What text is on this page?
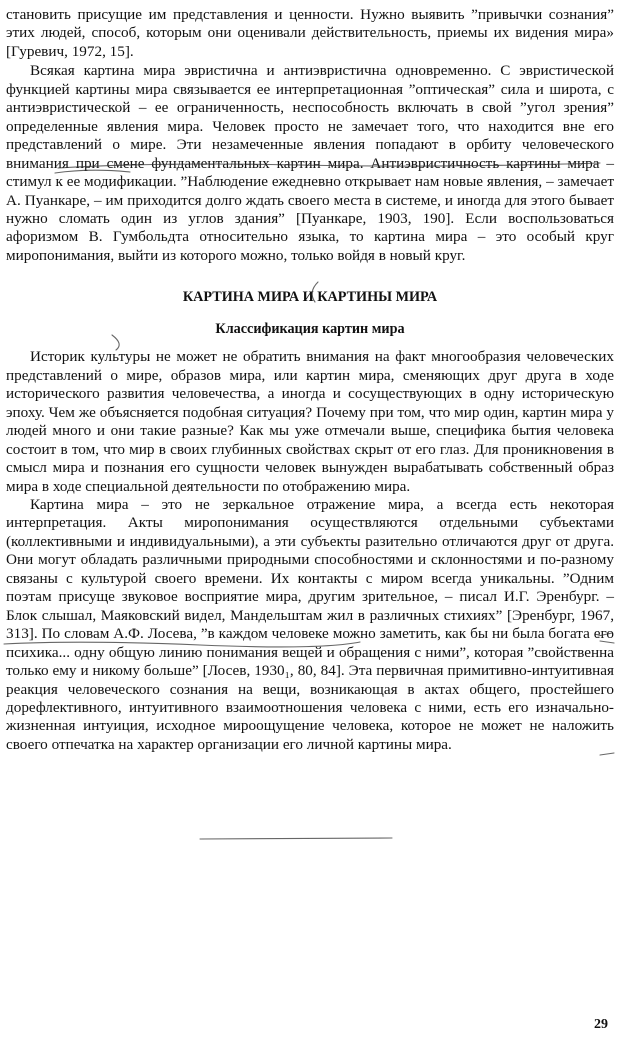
становить присущие им представления и ценности. Нужно выявить ”привычки сознания” этих людей, способ, которым они оценивали действительность, приемы их видения мира» [Гуревич, 1972, 15].

Всякая картина мира эвристична и антиэвристична одновременно. С эвристической функцией картины мира связывается ее интерпретационная ”оптическая” сила и широта, с антиэвристической – ее ограниченность, неспособность включать в свой ”угол зрения” определенные явления мира. Человек просто не замечает того, что находится вне его представлений о мире. Эти незамеченные явления попадают в орбиту человеческого внимания при смене фундаментальных картин мира. Антиэвристичность картины мира – стимул к ее модификации. ”Наблюдение ежедневно открывает нам новые явления, – замечает А. Пуанкаре, – им приходится долго ждать своего места в системе, и иногда для этого бывает нужно сломать один из углов здания” [Пуанкаре, 1903, 190]. Если воспользоваться афоризмом В. Гумбольдта относительно языка, то картина мира – это особый круг миропонимания, выйти из которого можно, только войдя в новый круг.

КАРТИНА МИРА И КАРТИНЫ МИРА
Классификация картин мира

Историк культуры не может не обратить внимания на факт многообразия человеческих представлений о мире, образов мира, или картин мира, сменяющих друг друга в ходе исторического развития человечества, а иногда и сосуществующих в одну историческую эпоху. Чем же объясняется подобная ситуация? Почему при том, что мир один, картин мира у людей много и они такие разные? Как мы уже отмечали выше, специфика бытия человека состоит в том, что мир в своих глубинных свойствах скрыт от его глаз. Для проникновения в смысл мира и познания его сущности человек вынужден вырабатывать собственный образ мира в ходе специальной деятельности по отображению мира.

Картина мира – это не зеркальное отражение мира, а всегда есть некоторая интерпретация. Акты миропонимания осуществляются отдельными субъектами (коллективными и индивидуальными), а эти субъекты разительно отличаются друг от друга. Они могут обладать различными природными способностями и склонностями и по-разному связаны с культурой своего времени. Их контакты с миром всегда уникальны. ”Одним поэтам присуще звуковое восприятие мира, другим зрительное, – писал И.Г. Эренбург. – Блок слышал, Маяковский видел, Мандельштам жил в различных стихиях” [Эренбург, 1967, 313]. По словам А.Ф. Лосева, ”в каждом человеке можно заметить, как бы ни была богата его психика... одну общую линию понимания вещей и обращения с ними”, которая ”свойственна только ему и никому больше” [Лосев, 1930₁, 80, 84]. Эта первичная примитивно-интуитивная реакция человеческого сознания на вещи, возникающая в актах общего, простейшего дорефлективного, интуитивного взаимоотношения человека с ними, есть его изначально-жизненная интуиция, исходное мироощущение человека, которое не может не наложить своего отпечатка на характер организации его личной картины мира.

29
